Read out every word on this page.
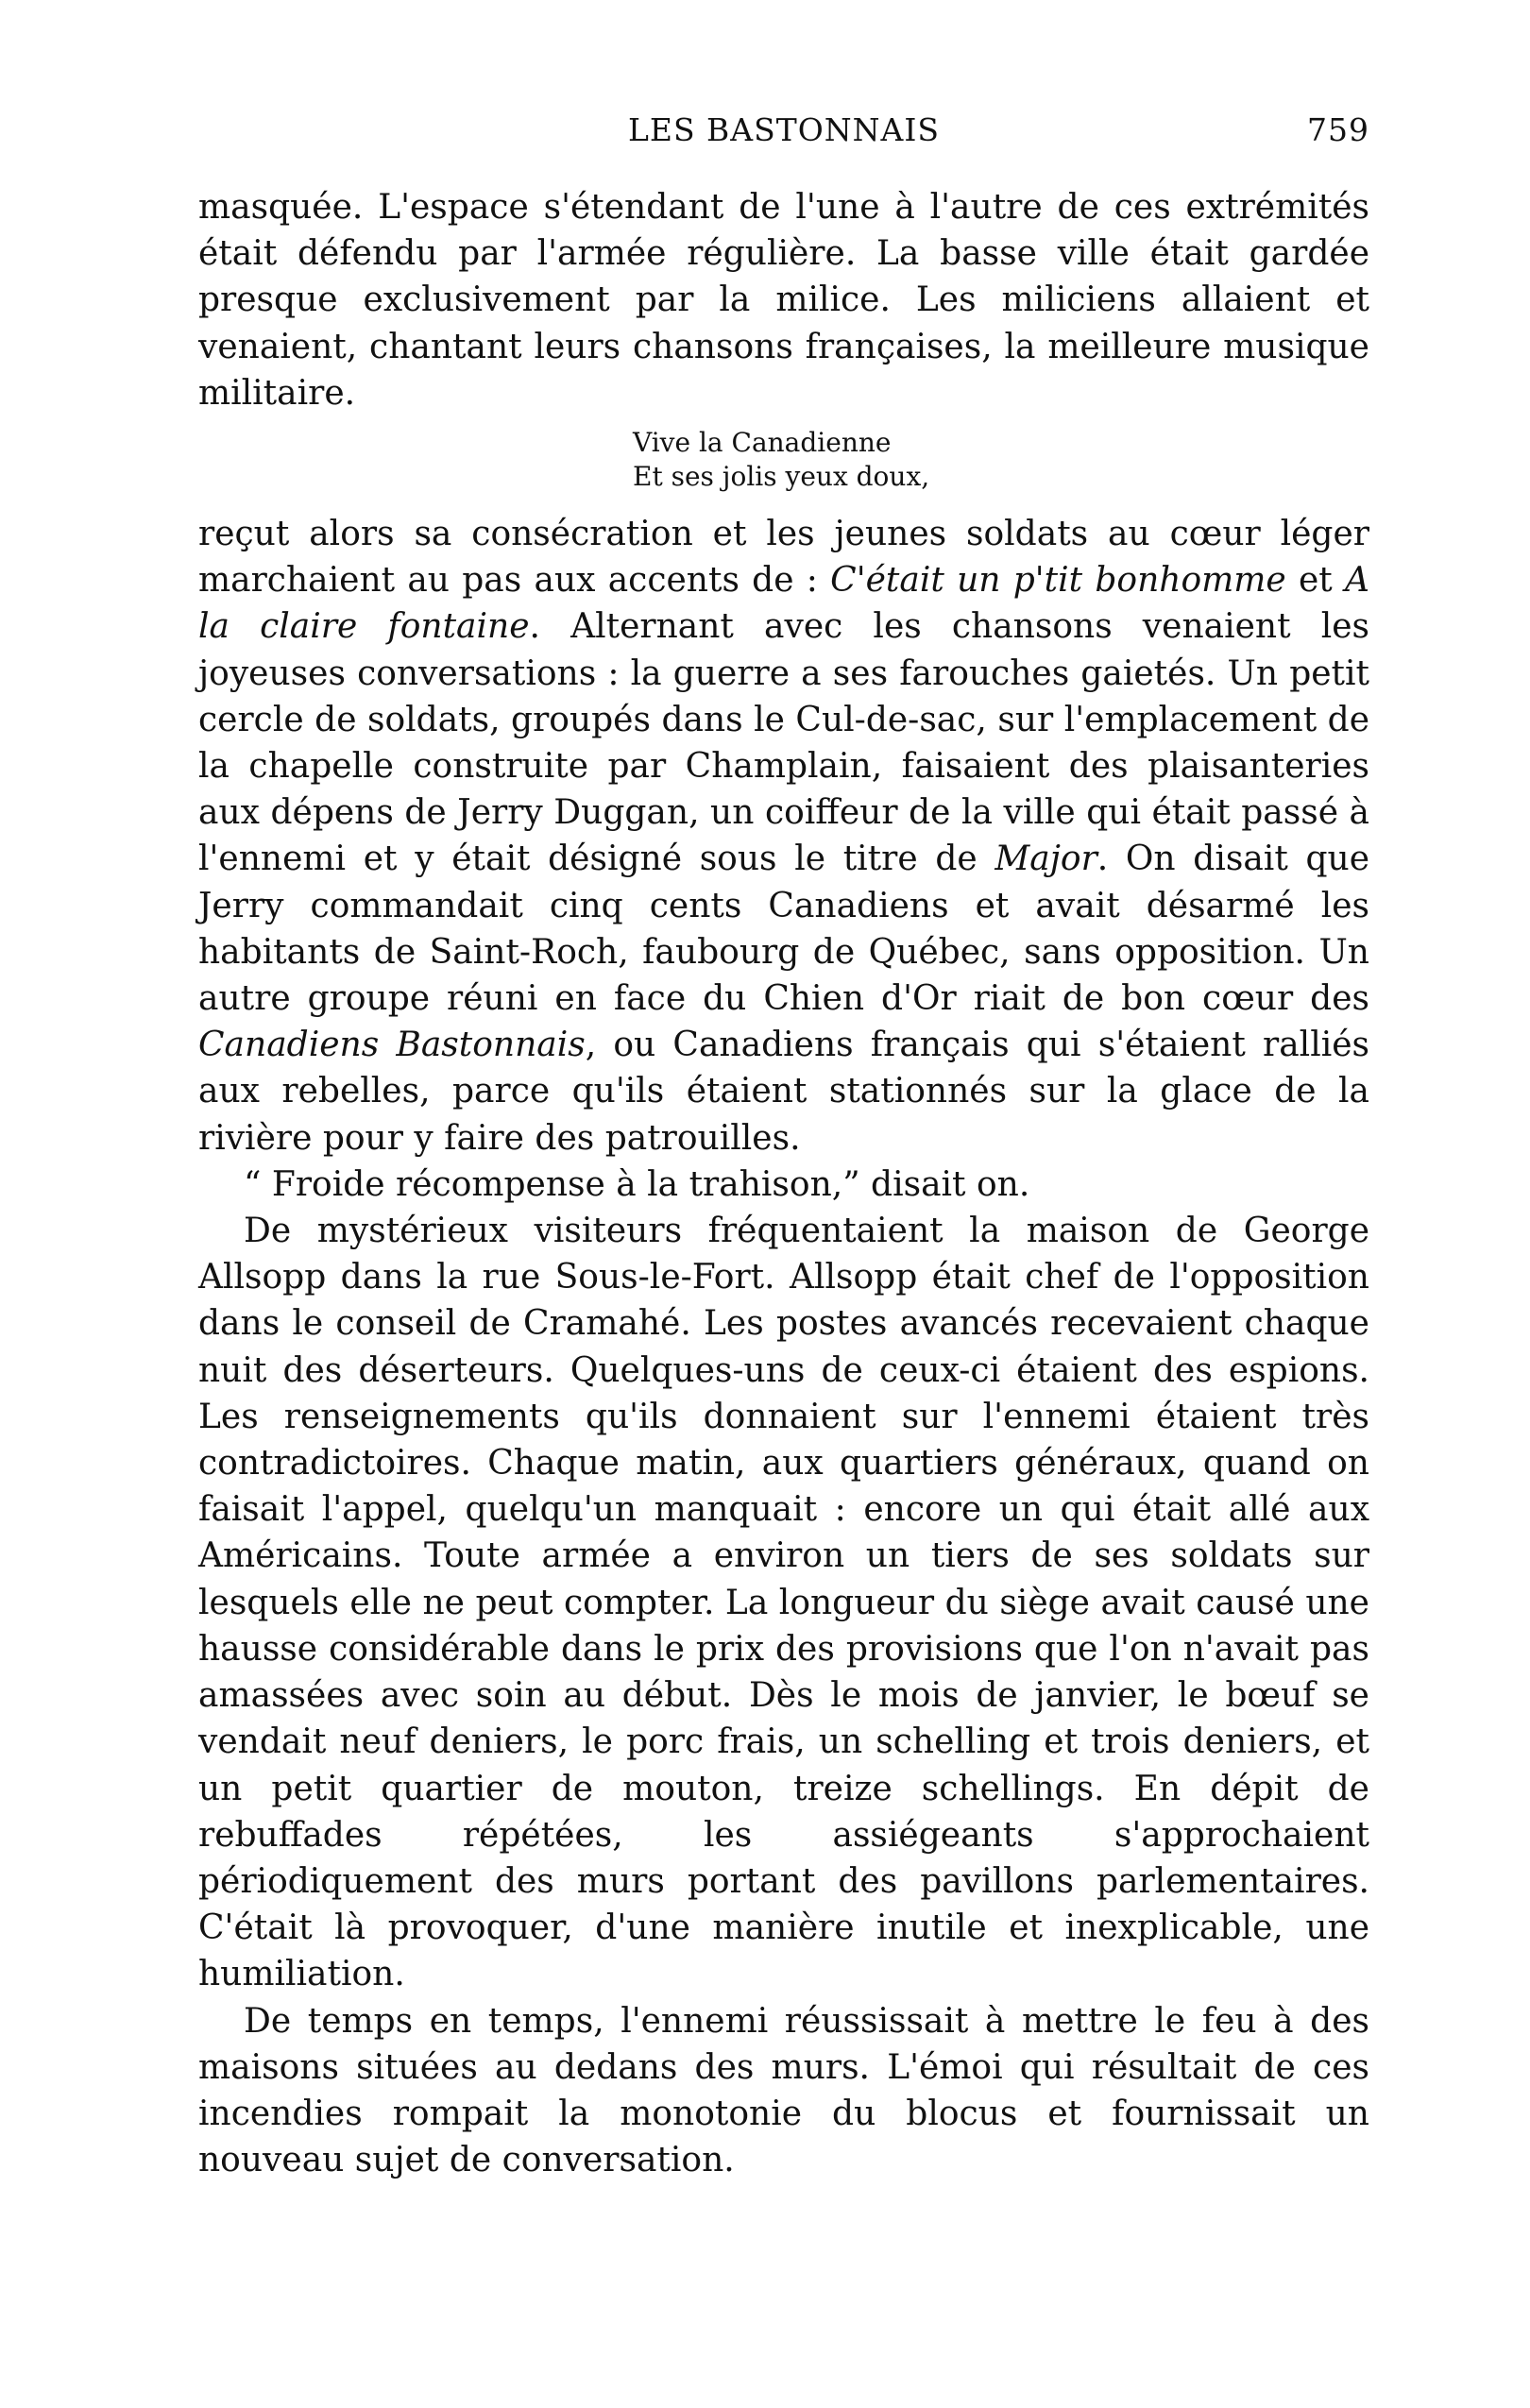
LES BASTONNAIS	759

masquée. L'espace s'étendant de l'une à l'autre de ces extrémités était défendu par l'armée régulière. La basse ville était gardée presque exclusivement par la milice. Les miliciens allaient et venaient, chantant leurs chansons françaises, la meilleure musique militaire.

Vive la Canadienne
Et ses jolis yeux doux,

reçut alors sa consécration et les jeunes soldats au cœur léger marchaient au pas aux accents de : C'était un p'tit bonhomme et A la claire fontaine. Alternant avec les chansons venaient les joyeuses conversations : la guerre a ses farouches gaietés. Un petit cercle de soldats, groupés dans le Cul-de-sac, sur l'emplacement de la chapelle construite par Champlain, faisaient des plaisanteries aux dépens de Jerry Duggan, un coiffeur de la ville qui était passé à l'ennemi et y était désigné sous le titre de Major. On disait que Jerry commandait cinq cents Canadiens et avait désarmé les habitants de Saint-Roch, faubourg de Québec, sans opposition. Un autre groupe réuni en face du Chien d'Or riait de bon cœur des Canadiens Bastonnais, ou Canadiens français qui s'étaient ralliés aux rebelles, parce qu'ils étaient stationnés sur la glace de la rivière pour y faire des patrouilles.

“ Froide récompense à la trahison,” disait on.

De mystérieux visiteurs fréquentaient la maison de George Allsopp dans la rue Sous-le-Fort. Allsopp était chef de l'opposition dans le conseil de Cramahé. Les postes avancés recevaient chaque nuit des déserteurs. Quelques-uns de ceux-ci étaient des espions. Les renseignements qu'ils donnaient sur l'ennemi étaient très contradictoires. Chaque matin, aux quartiers généraux, quand on faisait l'appel, quelqu'un manquait : encore un qui était allé aux Américains. Toute armée a environ un tiers de ses soldats sur lesquels elle ne peut compter. La longueur du siège avait causé une hausse considérable dans le prix des provisions que l'on n'avait pas amassées avec soin au début. Dès le mois de janvier, le bœuf se vendait neuf deniers, le porc frais, un schelling et trois deniers, et un petit quartier de mouton, treize schellings. En dépit de rebuffades répétées, les assiégeants s'approchaient périodiquement des murs portant des pavillons parlementaires. C'était là provoquer, d'une manière inutile et inexplicable, une humiliation.

De temps en temps, l'ennemi réussissait à mettre le feu à des maisons situées au dedans des murs. L'émoi qui résultait de ces incendies rompait la monotonie du blocus et fournissait un nouveau sujet de conversation.
